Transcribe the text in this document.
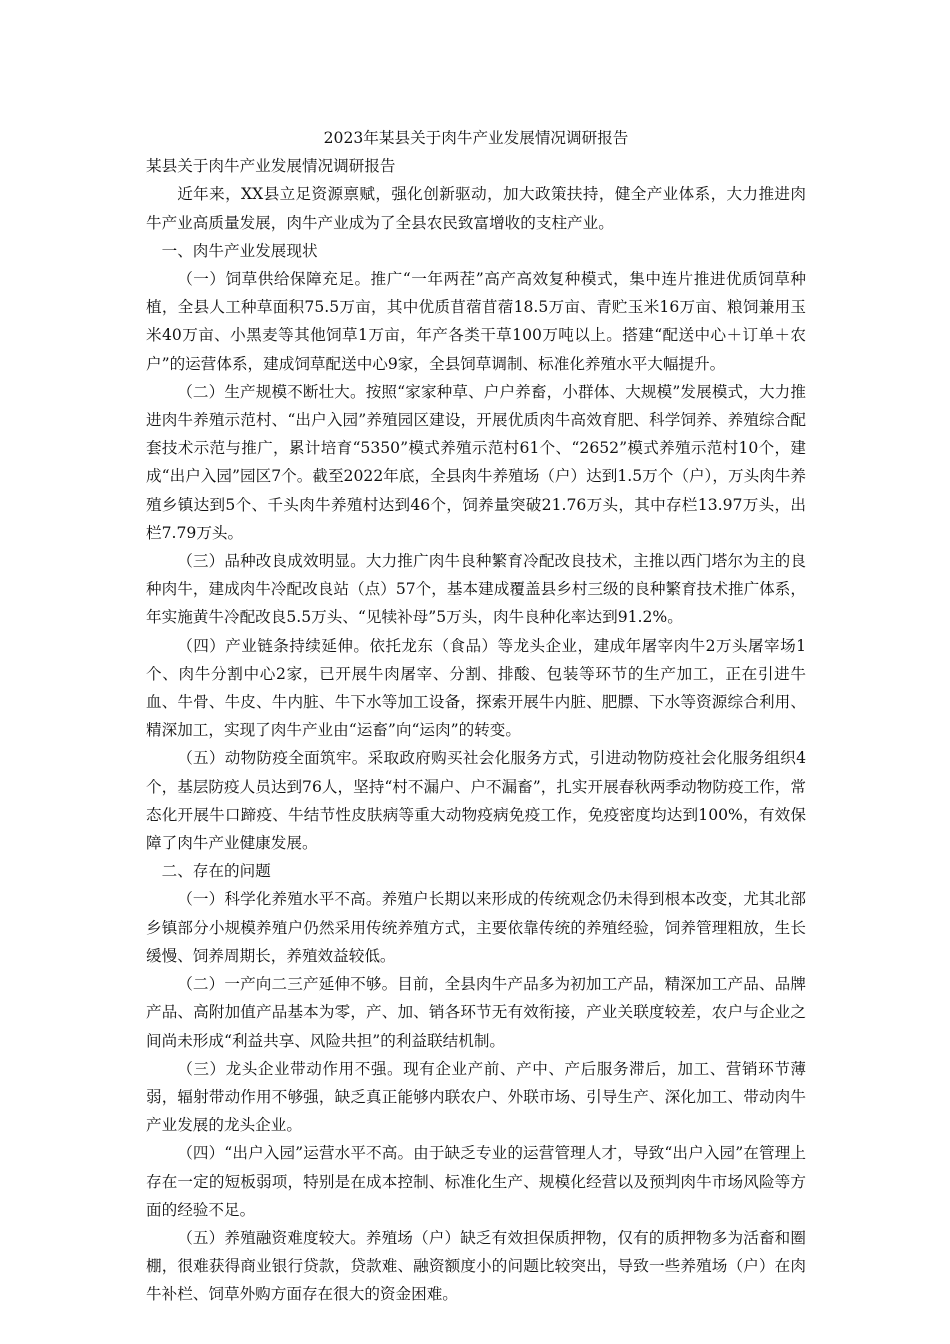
2023年某县关于肉牛产业发展情况调研报告
某县关于肉牛产业发展情况调研报告

近年来，XX县立足资源禀赋，强化创新驱动，加大政策扶持，健全产业体系，大力推进肉牛产业高质量发展，肉牛产业成为了全县农民致富增收的支柱产业。

一、肉牛产业发展现状

（一）饲草供给保障充足。推广“一年两茬”高产高效复种模式，集中连片推进优质饲草种植，全县人工种草面积75.5万亩，其中优质苜蓿苜蓿18.5万亩、青贮玉米16万亩、粮饲兼用玉米40万亩、小黑麦等其他饲草1万亩，年产各类干草100万吨以上。搭建“配送中心＋订单＋农户”的运营体系，建成饲草配送中心9家，全县饲草调制、标准化养殖水平大幅提升。

（二）生产规模不断壮大。按照“家家种草、户户养畜，小群体、大规模”发展模式，大力推进肉牛养殖示范村、“出户入园”养殖园区建设，开展优质肉牛高效育肥、科学饲养、养殖综合配套技术示范与推广，累计培育“5350”模式养殖示范村61个、“2652”模式养殖示范村10个，建成“出户入园”园区7个。截至2022年底，全县肉牛养殖场（户）达到1.5万个（户），万头肉牛养殖乡镇达到5个、千头肉牛养殖村达到46个，饲养量突破21.76万头，其中存栏13.97万头，出栏7.79万头。

（三）品种改良成效明显。大力推广肉牛良种繁育冷配改良技术，主推以西门塔尔为主的良种肉牛，建成肉牛冷配改良站（点）57个，基本建成覆盖县乡村三级的良种繁育技术推广体系，年实施黄牛冷配改良5.5万头、“见犊补母”5万头，肉牛良种化率达到91.2%。

（四）产业链条持续延伸。依托龙东（食品）等龙头企业，建成年屠宰肉牛2万头屠宰场1个、肉牛分割中心2家，已开展牛肉屠宰、分割、排酸、包装等环节的生产加工，正在引进牛血、牛骨、牛皮、牛内脏、牛下水等加工设备，探索开展牛内脏、肥膘、下水等资源综合利用、精深加工，实现了肉牛产业由“运畜”向“运肉”的转变。

（五）动物防疫全面筑牢。采取政府购买社会化服务方式，引进动物防疫社会化服务组织4个，基层防疫人员达到76人，坚持“村不漏户、户不漏畜”，扎实开展春秋两季动物防疫工作，常态化开展牛口蹄疫、牛结节性皮肤病等重大动物疫病免疫工作，免疫密度均达到100%，有效保障了肉牛产业健康发展。

二、存在的问题

（一）科学化养殖水平不高。养殖户长期以来形成的传统观念仍未得到根本改变，尤其北部乡镇部分小规模养殖户仍然采用传统养殖方式，主要依靠传统的养殖经验，饲养管理粗放，生长缓慢、饲养周期长，养殖效益较低。

（二）一产向二三产延伸不够。目前，全县肉牛产品多为初加工产品，精深加工产品、品牌产品、高附加值产品基本为零，产、加、销各环节无有效衔接，产业关联度较差，农户与企业之间尚未形成“利益共享、风险共担”的利益联结机制。

（三）龙头企业带动作用不强。现有企业产前、产中、产后服务滞后，加工、营销环节薄弱，辐射带动作用不够强，缺乏真正能够内联农户、外联市场、引导生产、深化加工、带动肉牛产业发展的龙头企业。

（四）“出户入园”运营水平不高。由于缺乏专业的运营管理人才，导致“出户入园”在管理上存在一定的短板弱项，特别是在成本控制、标准化生产、规模化经营以及预判肉牛市场风险等方面的经验不足。

（五）养殖融资难度较大。养殖场（户）缺乏有效担保质押物，仅有的质押物多为活畜和圈棚，很难获得商业银行贷款，贷款难、融资额度小的问题比较突出，导致一些养殖场（户）在肉牛补栏、饲草外购方面存在很大的资金困难。
